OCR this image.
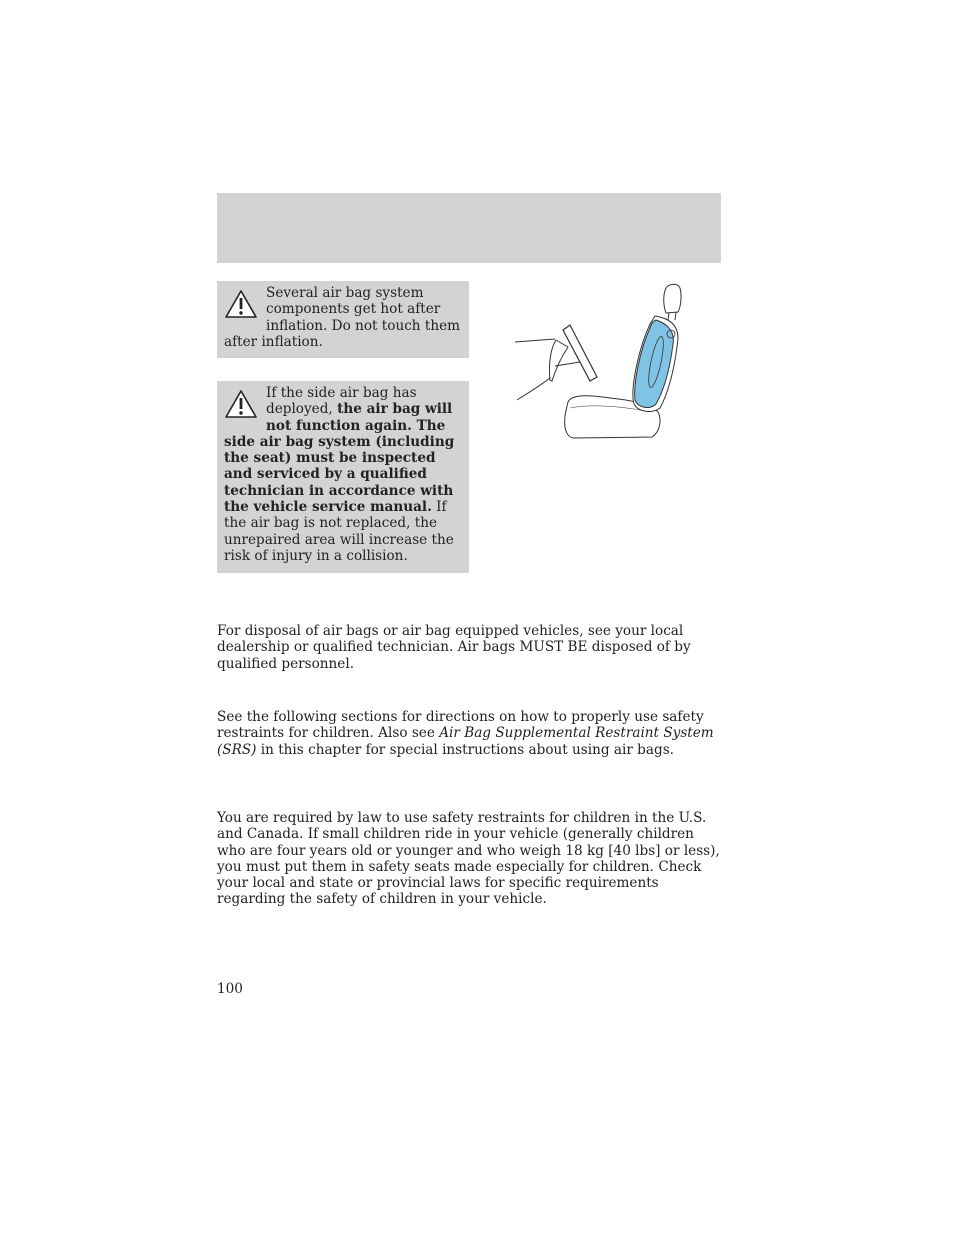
Several air bag system components get hot after inflation. Do not touch them after inflation.
If the side air bag has deployed, the air bag will not function again. The side air bag system (including the seat) must be inspected and serviced by a qualified technician in accordance with the vehicle service manual. If the air bag is not replaced, the unrepaired area will increase the risk of injury in a collision.

For disposal of air bags or air bag equipped vehicles, see your local dealership or qualified technician. Air bags MUST BE disposed of by qualified personnel.

See the following sections for directions on how to properly use safety restraints for children. Also see Air Bag Supplemental Restraint System (SRS) in this chapter for special instructions about using air bags.

You are required by law to use safety restraints for children in the U.S. and Canada. If small children ride in your vehicle (generally children who are four years old or younger and who weigh 18 kg [40 lbs] or less), you must put them in safety seats made especially for children. Check your local and state or provincial laws for specific requirements regarding the safety of children in your vehicle.

100
